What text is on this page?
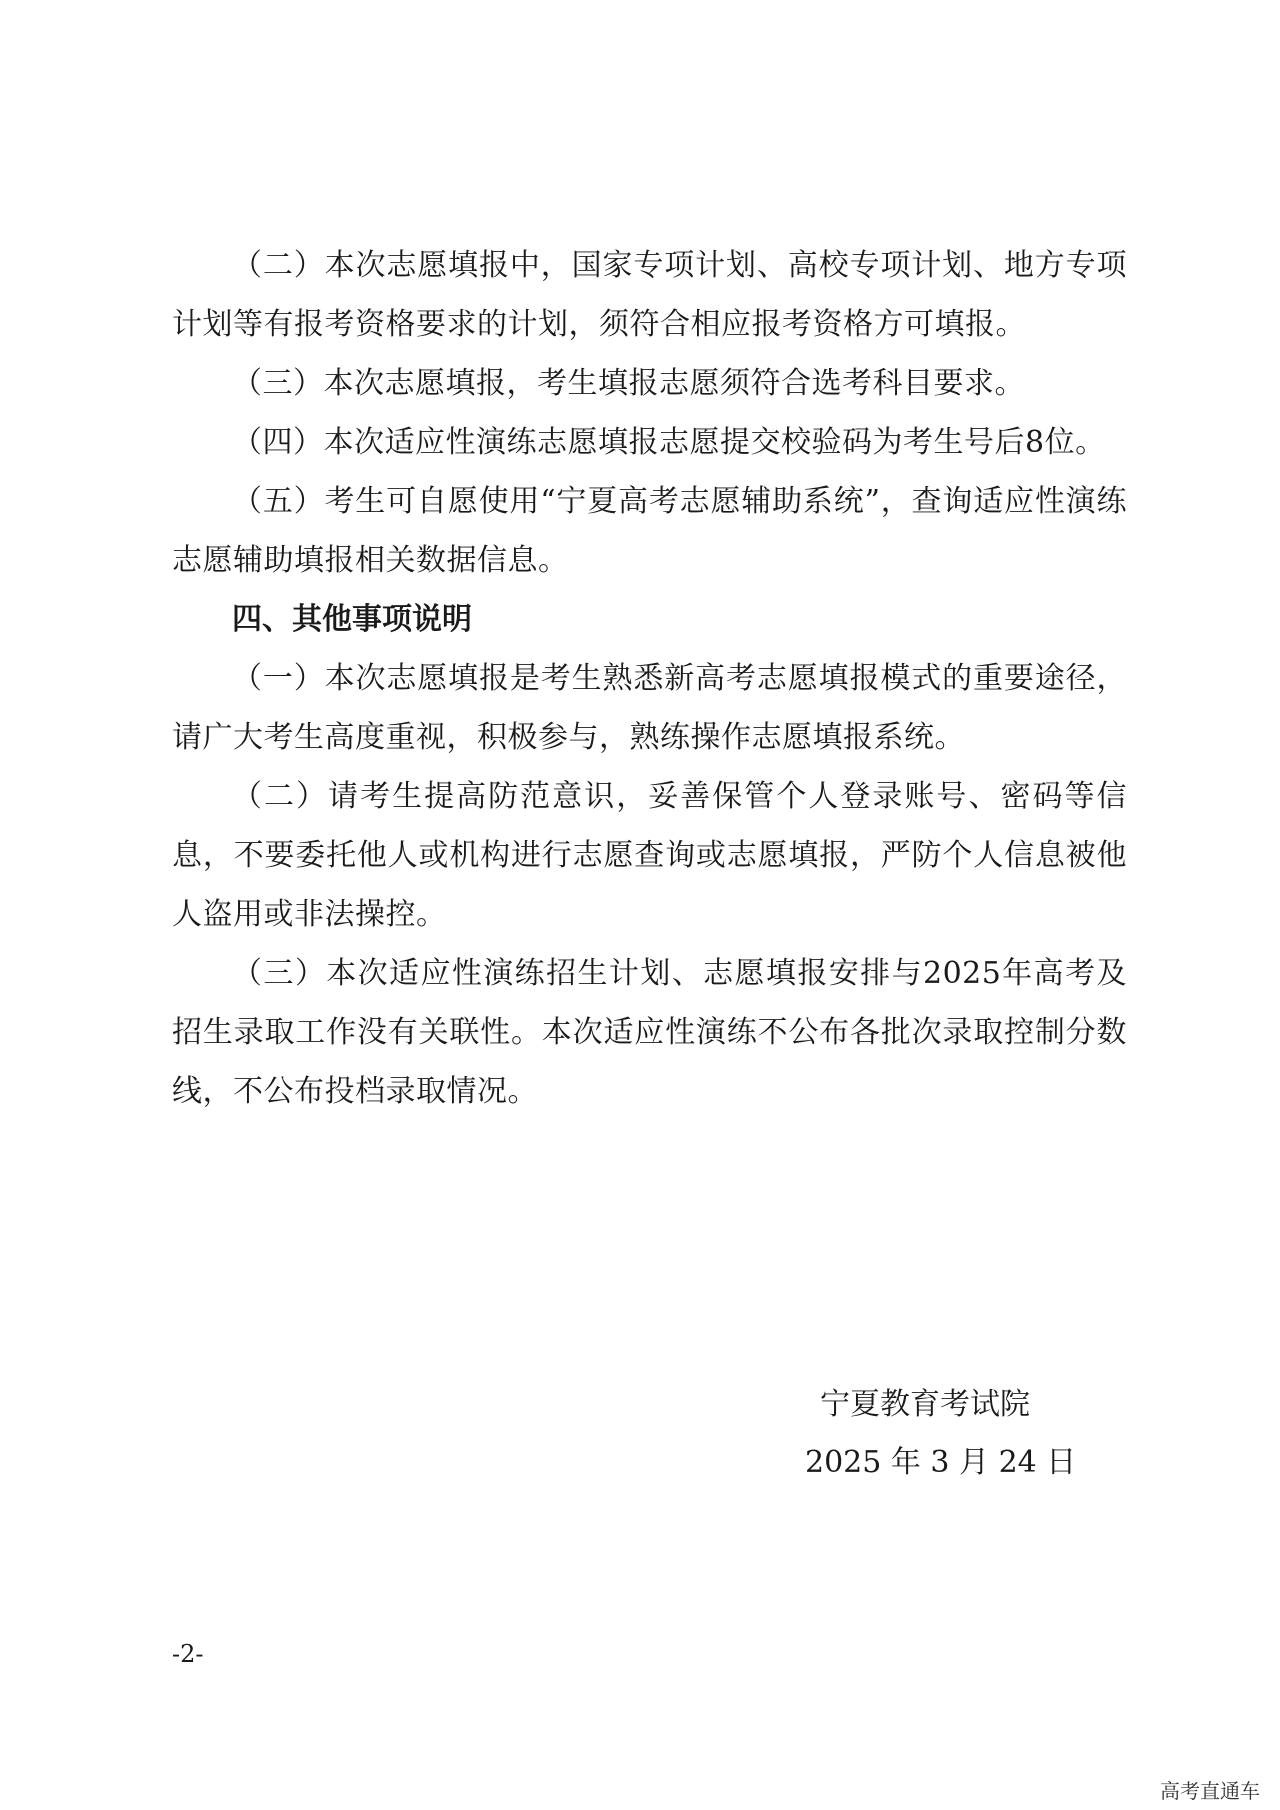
（二）本次志愿填报中，国家专项计划、高校专项计划、地方专项计划等有报考资格要求的计划，须符合相应报考资格方可填报。

（三）本次志愿填报，考生填报志愿须符合选考科目要求。

（四）本次适应性演练志愿填报志愿提交校验码为考生号后8位。

（五）考生可自愿使用“宁夏高考志愿辅助系统”，查询适应性演练志愿辅助填报相关数据信息。

四、其他事项说明

（一）本次志愿填报是考生熟悉新高考志愿填报模式的重要途径，请广大考生高度重视，积极参与，熟练操作志愿填报系统。

（二）请考生提高防范意识，妥善保管个人登录账号、密码等信息，不要委托他人或机构进行志愿查询或志愿填报，严防个人信息被他人盗用或非法操控。

（三）本次适应性演练招生计划、志愿填报安排与2025年高考及招生录取工作没有关联性。本次适应性演练不公布各批次录取控制分数线，不公布投档录取情况。

宁夏教育考试院
2025 年 3 月 24 日
-2-
高考直通车
